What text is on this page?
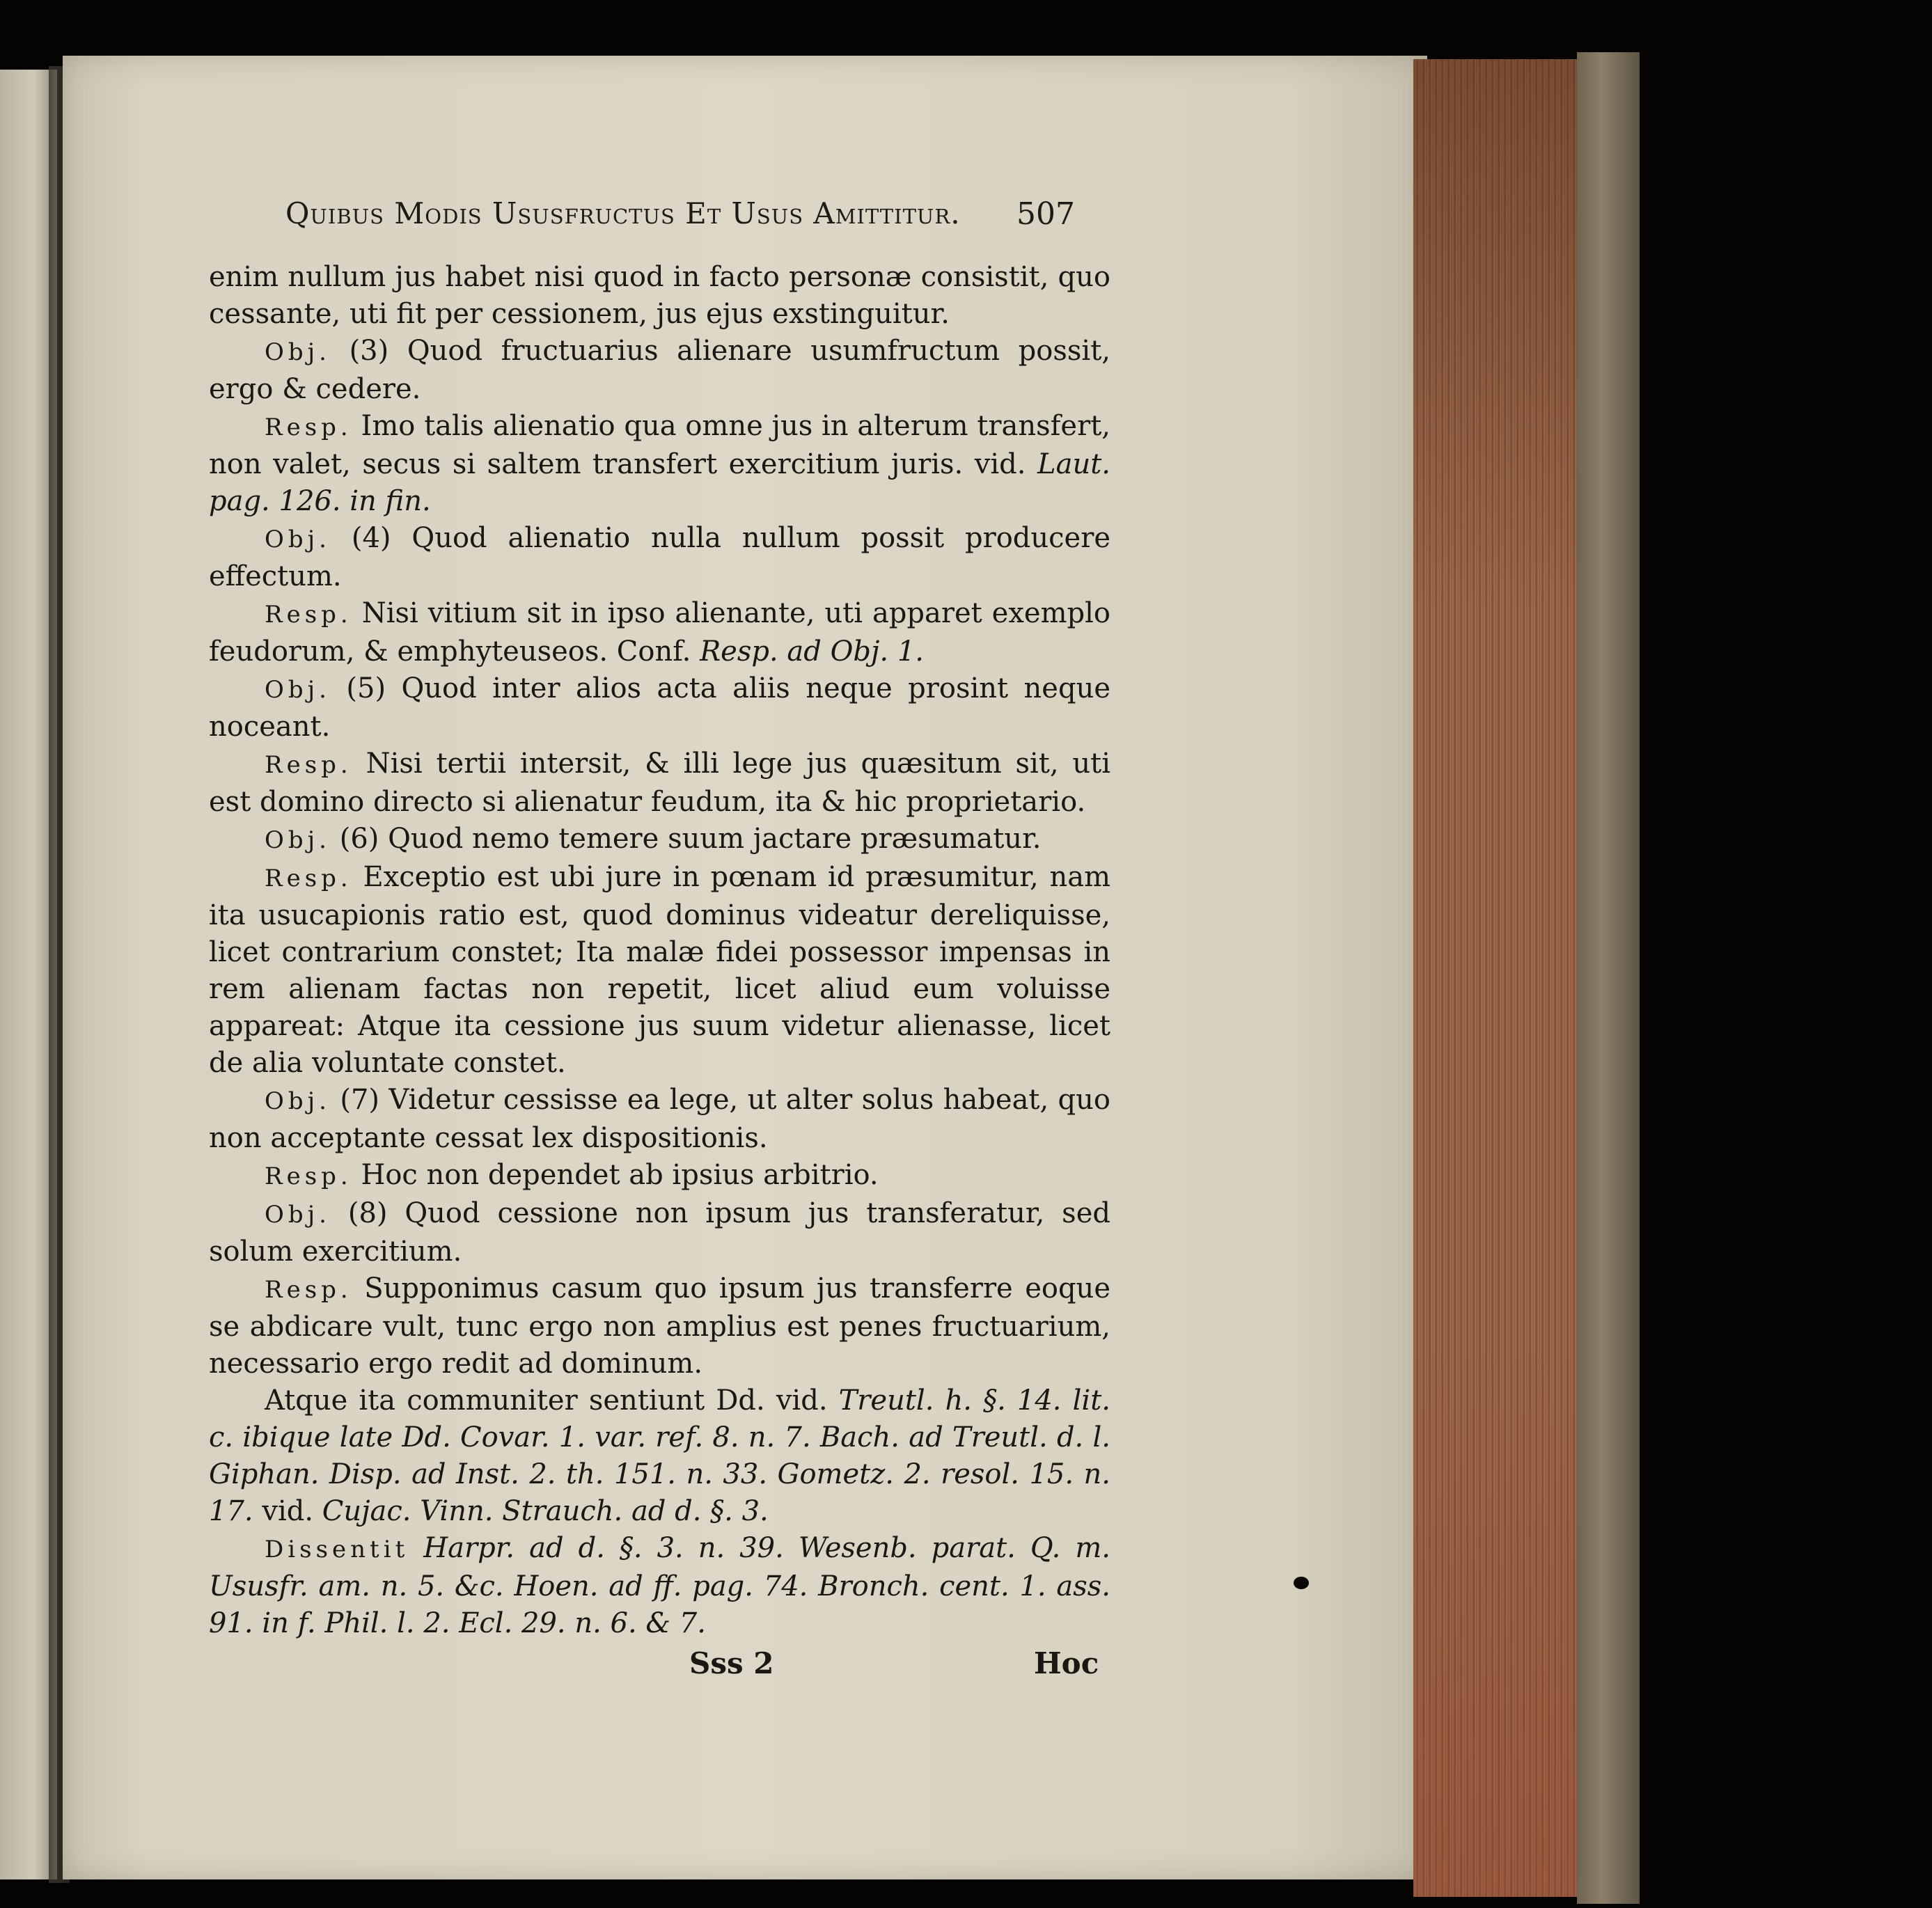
Quibus Modis Ususfructus Et Usus Amittitur.	507

enim nullum jus habet nisi quod in facto personæ consistit, quo cessante, uti fit per cessionem, jus ejus exstinguitur.

Obj. (3) Quod fructuarius alienare usumfructum possit, ergo & cedere.

Resp. Imo talis alienatio qua omne jus in alterum transfert, non valet, secus si saltem transfert exercitium juris. vid. Laut. pag. 126. in fin.

Obj. (4) Quod alienatio nulla nullum possit producere effectum.

Resp. Nisi vitium sit in ipso alienante, uti apparet exemplo feudorum, & emphyteuseos. Conf. Resp. ad Obj. 1.

Obj. (5) Quod inter alios acta aliis neque prosint neque noceant.

Resp. Nisi tertii intersit, & illi lege jus quæsitum sit, uti est domino directo si alienatur feudum, ita & hic proprietario.

Obj. (6) Quod nemo temere suum jactare præsumatur.

Resp. Exceptio est ubi jure in pœnam id præsumitur, nam ita usucapionis ratio est, quod dominus videatur dereliquisse, licet contrarium constet; Ita malæ fidei possessor impensas in rem alienam factas non repetit, licet aliud eum voluisse appareat: Atque ita cessione jus suum videtur alienasse, licet de alia voluntate constet.

Obj. (7) Videtur cessisse ea lege, ut alter solus habeat, quo non acceptante cessat lex dispositionis.

Resp. Hoc non dependet ab ipsius arbitrio.

Obj. (8) Quod cessione non ipsum jus transferatur, sed solum exercitium.

Resp. Supponimus casum quo ipsum jus transferre eoque se abdicare vult, tunc ergo non amplius est penes fructuarium, necessario ergo redit ad dominum.

Atque ita communiter sentiunt Dd. vid. Treutl. h. §. 14. lit. c. ibique late Dd. Covar. 1. var. ref. 8. n. 7. Bach. ad Treutl. d. l. Giphan. Disp. ad Inst. 2. th. 151. n. 33. Gometz. 2. resol. 15. n. 17. vid. Cujac. Vinn. Strauch. ad d. §. 3.

Dissentit Harpr. ad d. §. 3. n. 39. Wesenb. parat. Q. m. Ususfr. am. n. 5. &c. Hoen. ad ff. pag. 74. Bronch. cent. 1. ass. 91. in f. Phil. l. 2. Ecl. 29. n. 6. & 7.

Sss 2	Hoc
